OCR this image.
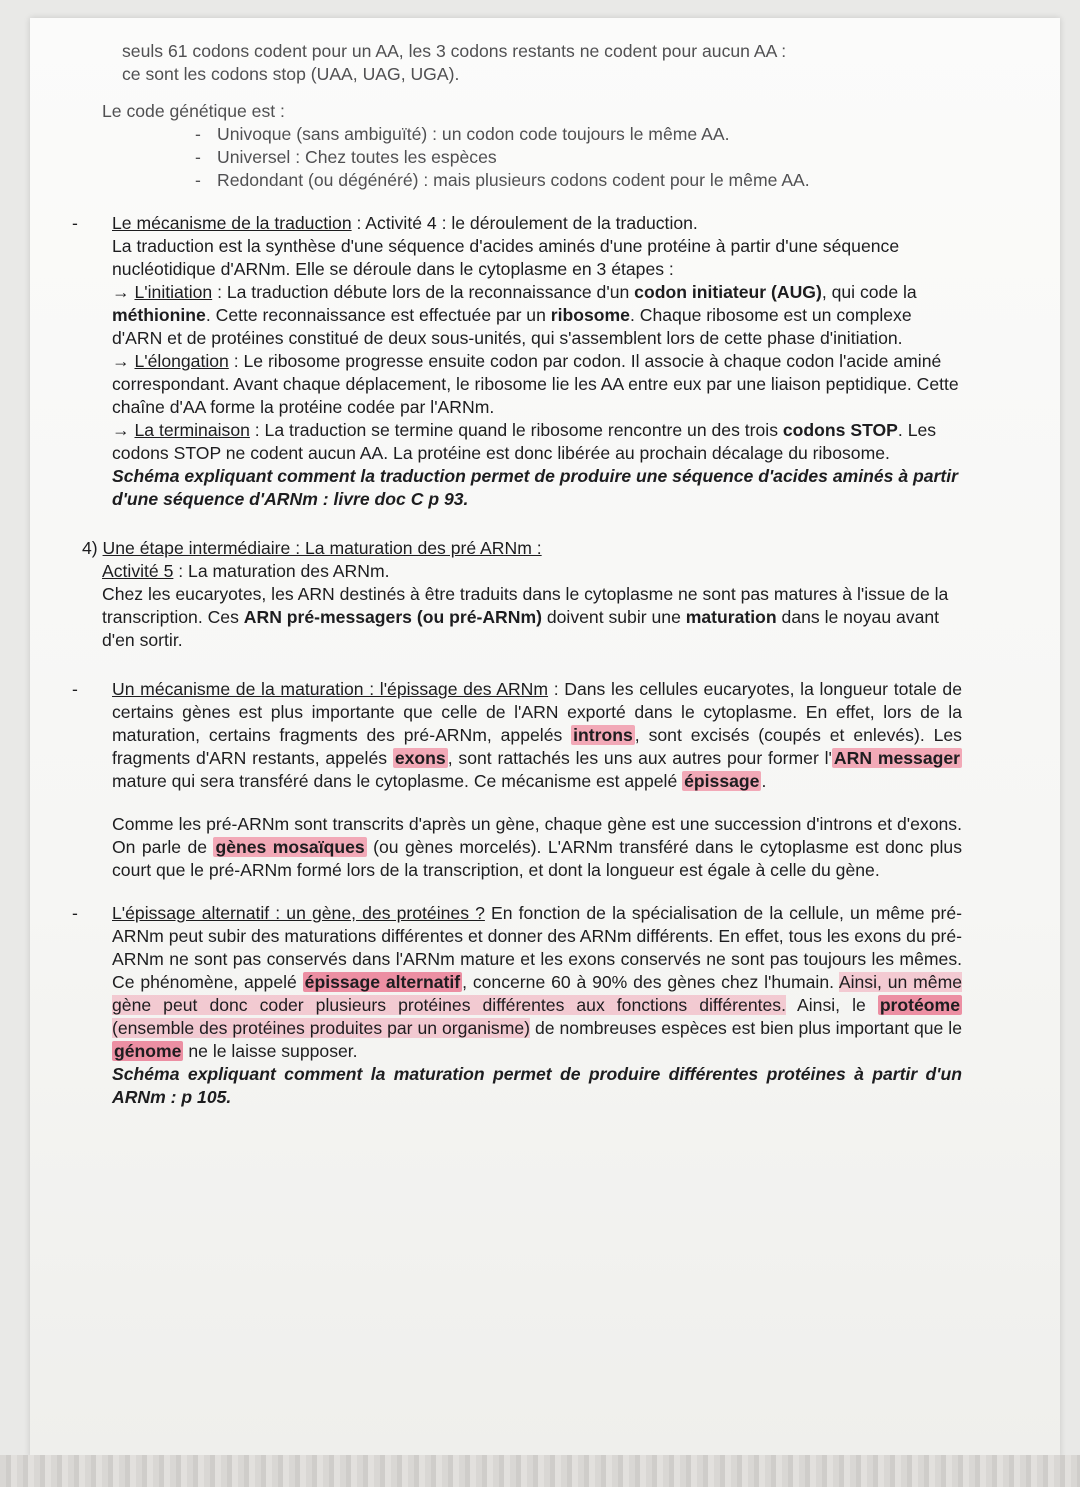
seuls 61 codons codent pour un AA, les 3 codons restants ne codent pour aucun AA :

ce sont les codons stop (UAA, UAG, UGA).

Le code génétique est :

- Univoque (sans ambiguïté) : un codon code toujours le même AA.
- Universel : Chez toutes les espèces
- Redondant (ou dégénéré) : mais plusieurs codons codent pour le même AA.

- Le mécanisme de la traduction : Activité 4 : le déroulement de la traduction.

La traduction est la synthèse d'une séquence d'acides aminés d'une protéine à partir d'une séquence nucléotidique d'ARNm. Elle se déroule dans le cytoplasme en 3 étapes :

→ L'initiation : La traduction débute lors de la reconnaissance d'un codon initiateur (AUG), qui code la méthionine. Cette reconnaissance est effectuée par un ribosome. Chaque ribosome est un complexe d'ARN et de protéines constitué de deux sous-unités, qui s'assemblent lors de cette phase d'initiation.

→ L'élongation : Le ribosome progresse ensuite codon par codon. Il associe à chaque codon l'acide aminé correspondant. Avant chaque déplacement, le ribosome lie les AA entre eux par une liaison peptidique. Cette chaîne d'AA forme la protéine codée par l'ARNm.

→ La terminaison : La traduction se termine quand le ribosome rencontre un des trois codons STOP. Les codons STOP ne codent aucun AA. La protéine est donc libérée au prochain décalage du ribosome.

Schéma expliquant comment la traduction permet de produire une séquence d'acides aminés à partir d'une séquence d'ARNm : livre doc C p 93.

4) Une étape intermédiaire : La maturation des pré ARNm :

Activité 5 : La maturation des ARNm.

Chez les eucaryotes, les ARN destinés à être traduits dans le cytoplasme ne sont pas matures à l'issue de la transcription. Ces ARN pré-messagers (ou pré-ARNm) doivent subir une maturation dans le noyau avant d'en sortir.

- Un mécanisme de la maturation : l'épissage des ARNm : Dans les cellules eucaryotes, la longueur totale de certains gènes est plus importante que celle de l'ARN exporté dans le cytoplasme. En effet, lors de la maturation, certains fragments des pré-ARNm, appelés introns , sont excisés (coupés et enlevés). Les fragments d'ARN restants, appelés exons , sont rattachés les uns aux autres pour former l' ARN messager mature qui sera transféré dans le cytoplasme. Ce mécanisme est appelé épissage .

Comme les pré-ARNm sont transcrits d'après un gène, chaque gène est une succession d'introns et d'exons. On parle de gènes mosaïques (ou gènes morcelés). L'ARNm transféré dans le cytoplasme est donc plus court que le pré-ARNm formé lors de la transcription, et dont la longueur est égale à celle du gène.

- L'épissage alternatif : un gène, des protéines ? En fonction de la spécialisation de la cellule, un même pré-ARNm peut subir des maturations différentes et donner des ARNm différents. En effet, tous les exons du pré-ARNm ne sont pas conservés dans l'ARNm mature et les exons conservés ne sont pas toujours les mêmes. Ce phénomène, appelé épissage alternatif , concerne 60 à 90% des gènes chez l'humain. Ainsi, un même gène peut donc coder plusieurs protéines différentes aux fonctions différentes. Ainsi, le protéome (ensemble des protéines produites par un organisme) de nombreuses espèces est bien plus important que le génome ne le laisse supposer.

Schéma expliquant comment la maturation permet de produire différentes protéines à partir d'un ARNm : p 105.
